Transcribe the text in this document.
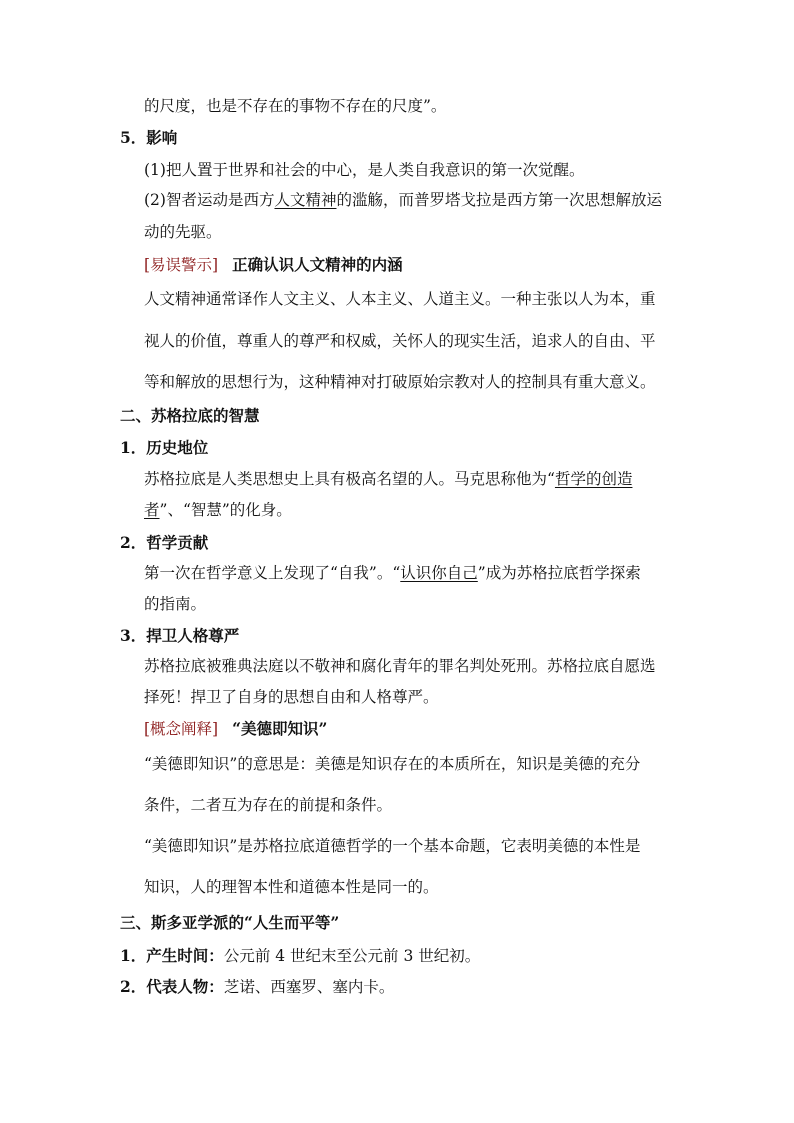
的尺度，也是不存在的事物不存在的尺度”。
5．影响
(1)把人置于世界和社会的中心，是人类自我意识的第一次觉醒。
(2)智者运动是西方人文精神的滥觞，而普罗塔戈拉是西方第一次思想解放运
动的先驱。
[易误警示] 正确认识人文精神的内涵
人文精神通常译作人文主义、人本主义、人道主义。一种主张以人为本，重
视人的价值，尊重人的尊严和权威，关怀人的现实生活，追求人的自由、平
等和解放的思想行为，这种精神对打破原始宗教对人的控制具有重大意义。
二、苏格拉底的智慧
1．历史地位
苏格拉底是人类思想史上具有极高名望的人。马克思称他为“哲学的创造
者”、“智慧”的化身。
2．哲学贡献
第一次在哲学意义上发现了“自我”。“认识你自己”成为苏格拉底哲学探索
的指南。
3．捍卫人格尊严
苏格拉底被雅典法庭以不敬神和腐化青年的罪名判处死刑。苏格拉底自愿选
择死！捍卫了自身的思想自由和人格尊严。
[概念阐释] “美德即知识”
“美德即知识”的意思是：美德是知识存在的本质所在，知识是美德的充分
条件，二者互为存在的前提和条件。
“美德即知识”是苏格拉底道德哲学的一个基本命题，它表明美德的本性是
知识，人的理智本性和道德本性是同一的。
三、斯多亚学派的“人生而平等”
1．产生时间：公元前 4 世纪末至公元前 3 世纪初。
2．代表人物：芝诺、西塞罗、塞内卡。
